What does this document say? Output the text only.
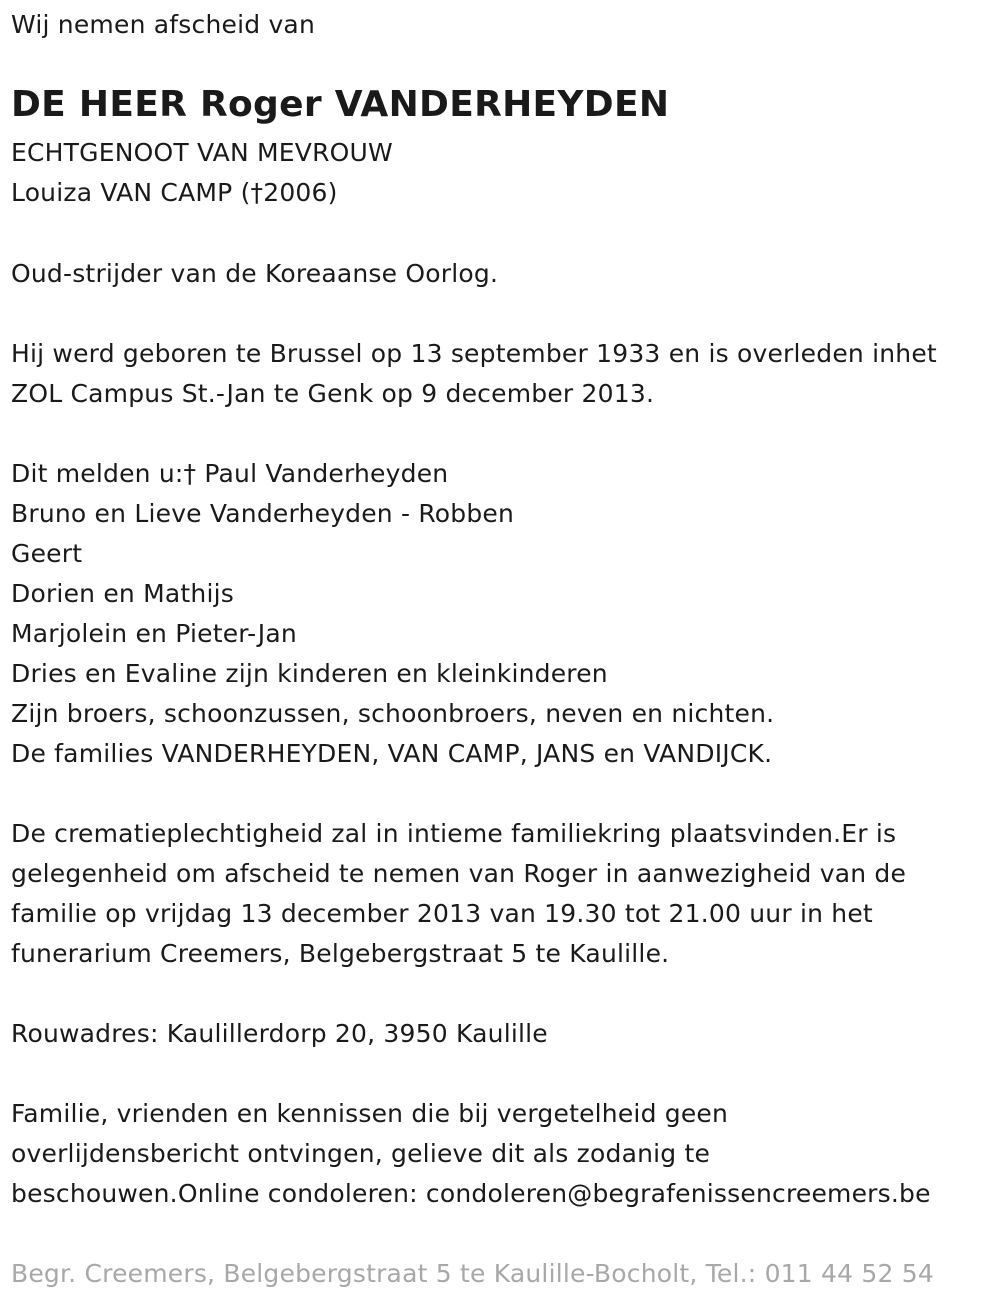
Wij nemen afscheid van
DE HEER Roger VANDERHEYDEN
ECHTGENOOT VAN MEVROUW
Louiza VAN CAMP (†2006)
Oud-strijder van de Koreaanse Oorlog.
Hij werd geboren te Brussel op 13 september 1933 en is overleden inhet
ZOL Campus St.-Jan te Genk op 9 december 2013.
Dit melden u:† Paul Vanderheyden
Bruno en Lieve Vanderheyden - Robben
Geert
Dorien en Mathijs
Marjolein en Pieter-Jan
Dries en Evaline zijn kinderen en kleinkinderen
Zijn broers, schoonzussen, schoonbroers, neven en nichten.
De families VANDERHEYDEN, VAN CAMP, JANS en VANDIJCK.
De crematieplechtigheid zal in intieme familiekring plaatsvinden.Er is
gelegenheid om afscheid te nemen van Roger in aanwezigheid van de
familie op vrijdag 13 december 2013 van 19.30 tot 21.00 uur in het
funerarium Creemers, Belgebergstraat 5 te Kaulille.
Rouwadres: Kaulillerdorp 20, 3950 Kaulille
Familie, vrienden en kennissen die bij vergetelheid geen
overlijdensbericht ontvingen, gelieve dit als zodanig te
beschouwen.Online condoleren: condoleren@begrafenissencreemers.be
Begr. Creemers, Belgebergstraat 5 te Kaulille-Bocholt, Tel.: 011 44 52 54
